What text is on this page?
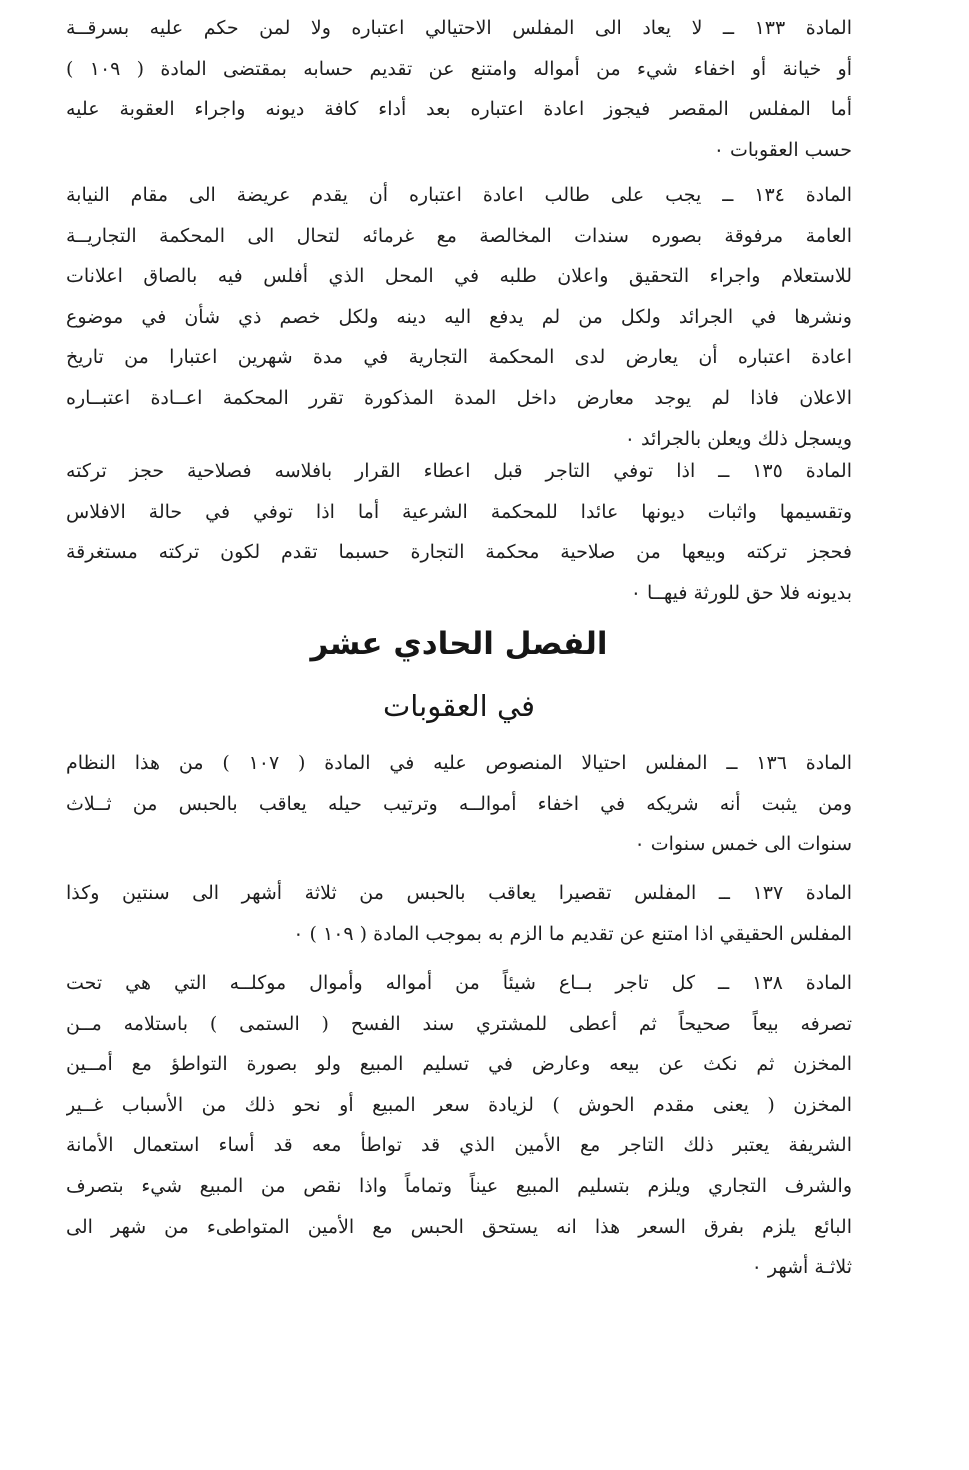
المادة ١٣٣ ــ لا يعاد الى المفلس الاحتيالي اعتباره ولا لمن حكم عليه بسرقــة
أو خيانة أو اخفاء شيء من أمواله وامتنع عن تقديم حسابه بمقتضى المادة ( ١٠٩ )
أما المفلس المقصر فيجوز اعادة اعتباره بعد أداء كافة ديونه واجراء العقوبة عليه
حسب العقوبات ٠
المادة ١٣٤ ــ يجب على طالب اعادة اعتباره أن يقدم عريضة الى مقام النيابة
العامة مرفوقة بصوره سندات المخالصة مع غرمائه لتحال الى المحكمة التجاريــة
للاستعلام واجراء التحقيق واعلان طلبه في المحل الذي أفلس فيه بالصاق اعلانات
ونشرها في الجرائد ولكل من لم يدفع اليه دينه ولكل خصم ذي شأن في موضوع
اعادة اعتباره أن يعارض لدى المحكمة التجارية في مدة شهرين اعتبارا من تاريخ
الاعلان فاذا لم يوجد معارض داخل المدة المذكورة تقرر المحكمة اعــادة اعتبــاره
ويسجل ذلك ويعلن بالجرائد ٠
المادة ١٣٥ ــ اذا توفي التاجر قبل اعطاء القرار بافلاسه فصلاحية حجز تركته
وتقسيمها واثبات ديونها عائدا للمحكمة الشرعية أما اذا توفي في حالة الافلاس
فحجز تركته وبيعها من صلاحية محكمة التجارة حسبما تقدم لكون تركته مستغرقة
بديونه فلا حق للورثة فيهــا ٠
الفصل الحادي عشر
في العقوبات
المادة ١٣٦ ــ المفلس احتيالا المنصوص عليه في المادة ( ١٠٧ ) من هذا النظام
ومن يثبت أنه شريكه في اخفاء أموالــه وترتيب حيله يعاقب بالحبس من ثــلاث
سنوات الى خمس سنوات ٠
المادة ١٣٧ ــ المفلس تقصيرا يعاقب بالحبس من ثلاثة أشهر الى سنتين وكذا
المفلس الحقيقي اذا امتنع عن تقديم ما الزم به بموجب المادة ( ١٠٩ ) ٠
المادة ١٣٨ ــ كل تاجر بــاع شيئاً من أمواله وأموال موكلــه التي هي تحت
تصرفه بيعاً صحيحاً ثم أعطى للمشتري سند الفسح ( الستمى ) باستلامه مــن
المخزن ثم نكث عن بيعه وعارض في تسليم المبيع ولو بصورة التواطؤ مع أمــين
المخزن ( يعنى مقدم الحوش ) لزيادة سعر المبيع أو نحو ذلك من الأسباب غــير
الشريفة يعتبر ذلك التاجر مع الأمين الذي قد تواطأ معه قد أساء استعمال الأمانة
والشرف التجاري ويلزم بتسليم المبيع عيناً وتماماً واذا نقص من المبيع شيء بتصرف
البائع يلزم بفرق السعر هذا انه يستحق الحبس مع الأمين المتواطىء من شهر الى
ثلاثـة أشهر ٠
